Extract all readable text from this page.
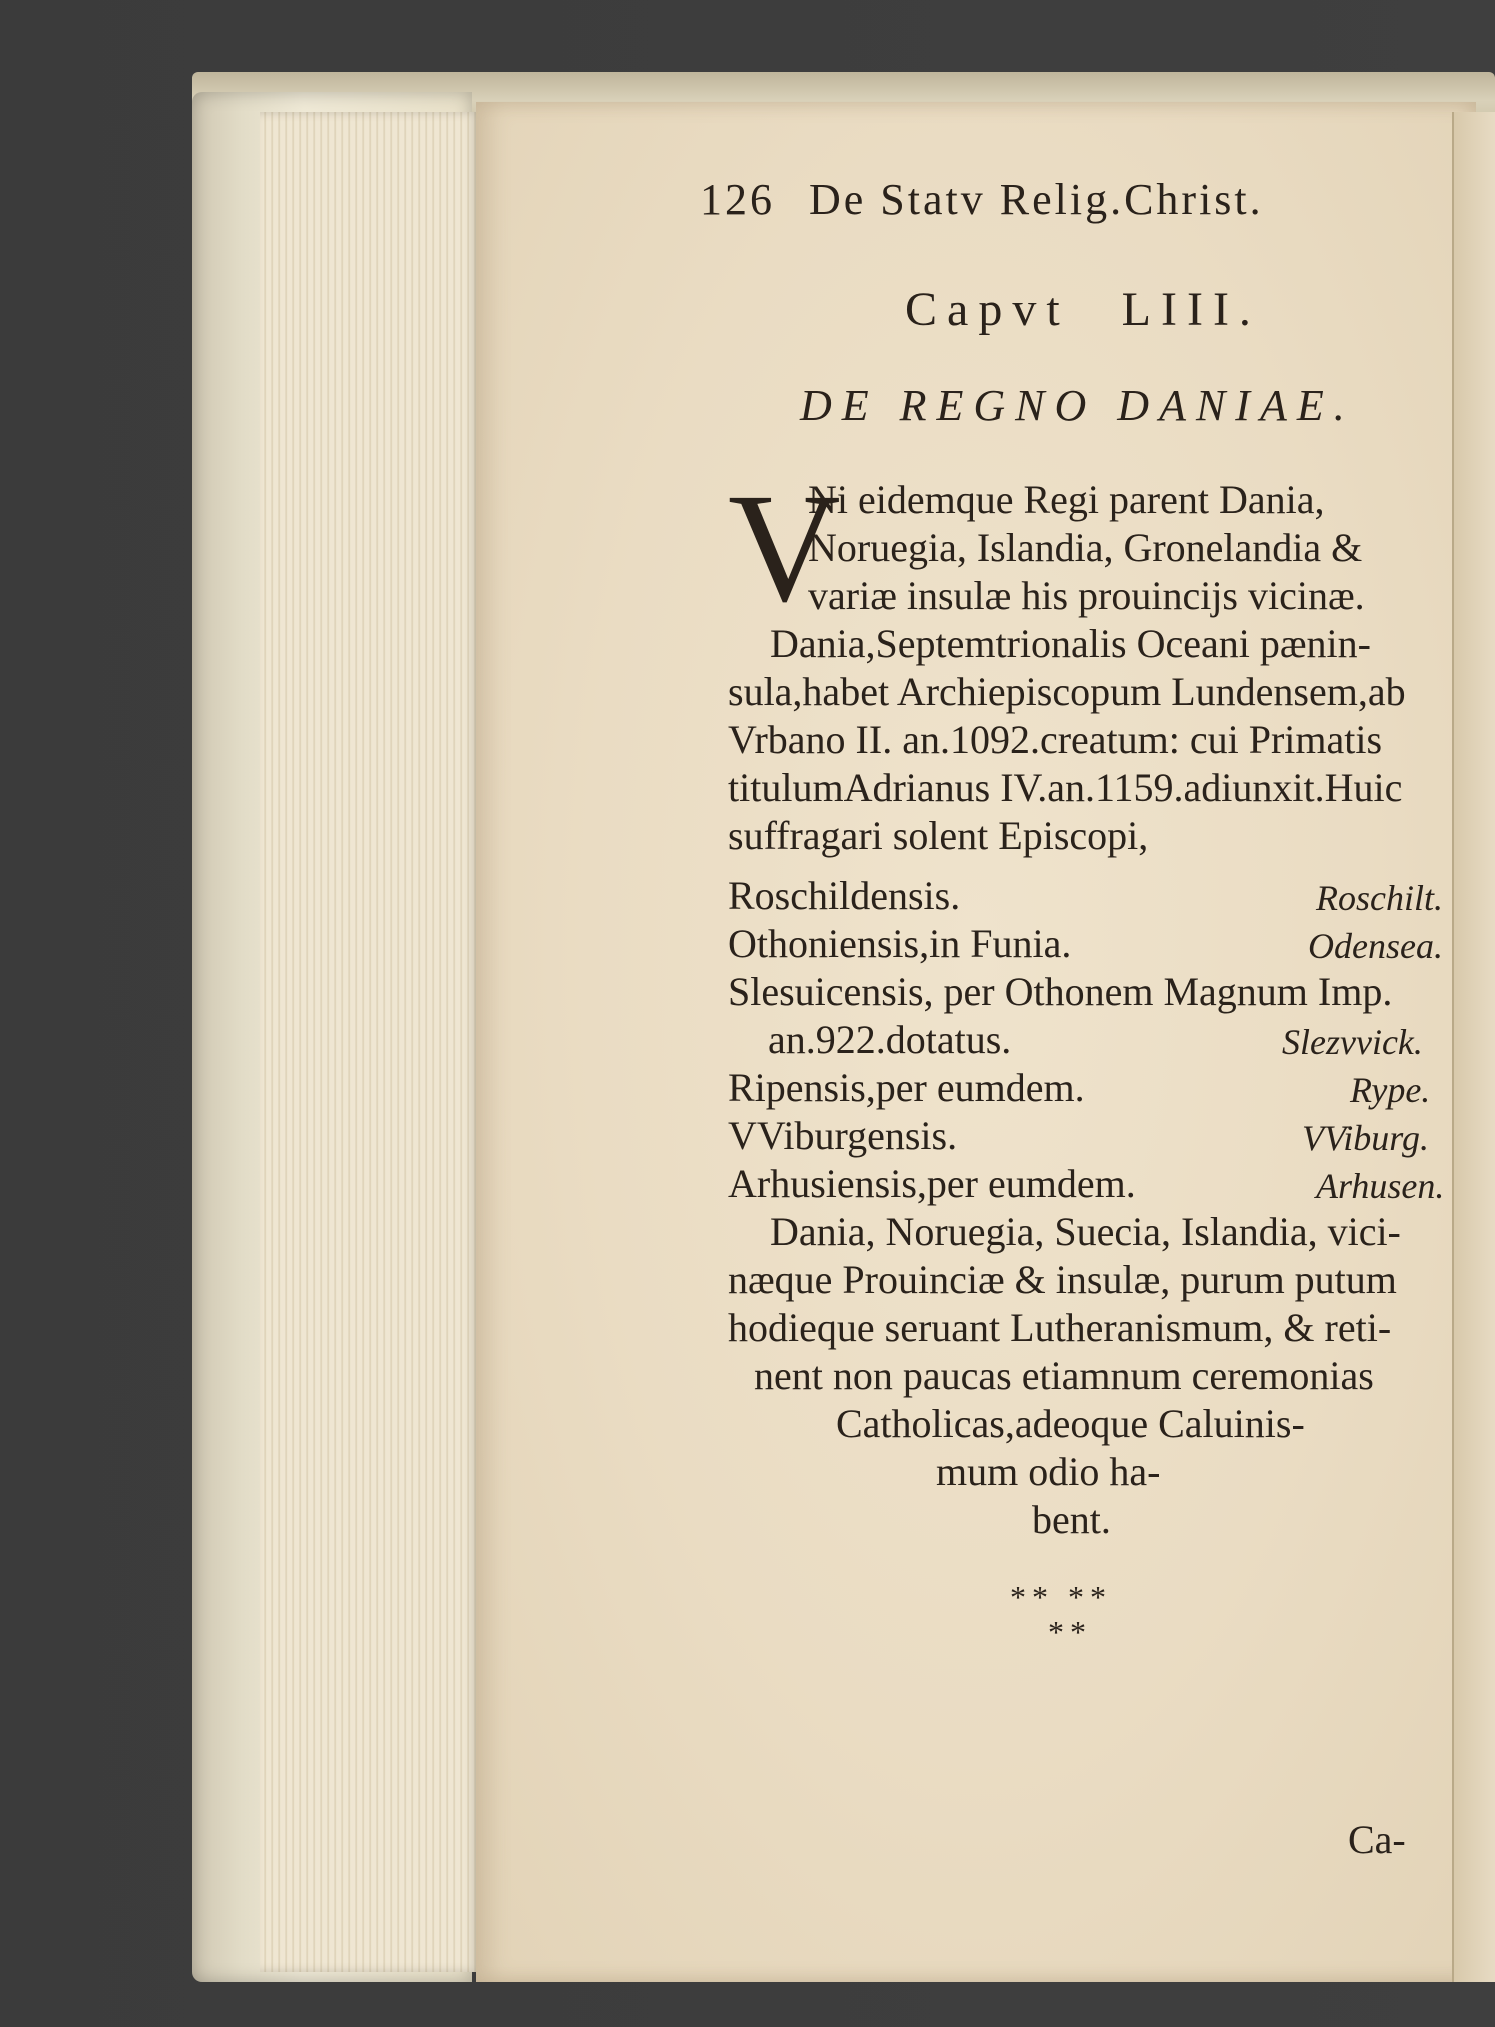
126 De Statv Relig.Christ.
Capvt LIII.
DE REGNO DANIAE.
V
Ni eidemque Regi parent Dania,
Noruegia, Islandia, Gronelandia &
variæ insulæ his prouincijs vicinæ.
Dania,Septemtrionalis Oceani pænin-
sula,habet Archiepiscopum Lundensem,ab
Vrbano II. an.1092.creatum: cui Primatis
titulumAdrianus IV.an.1159.adiunxit.Huic
suffragari solent Episcopi,
Roschildensis.	Roschilt.
Othoniensis,in Funia.	Odensea.
Slesuicensis, per Othonem Magnum Imp.
an.922.dotatus.	Slezvvick.
Ripensis,per eumdem.	Rype.
VViburgensis.	VViburg.
Arhusiensis,per eumdem.	Arhusen.
Dania, Noruegia, Suecia, Islandia, vici-
næque Prouinciæ & insulæ, purum putum
hodieque seruant Lutheranismum, & reti-
nent non paucas etiamnum ceremonias
Catholicas,adeoque Caluinis-
mum odio ha-
bent.
** **
**
Ca-
